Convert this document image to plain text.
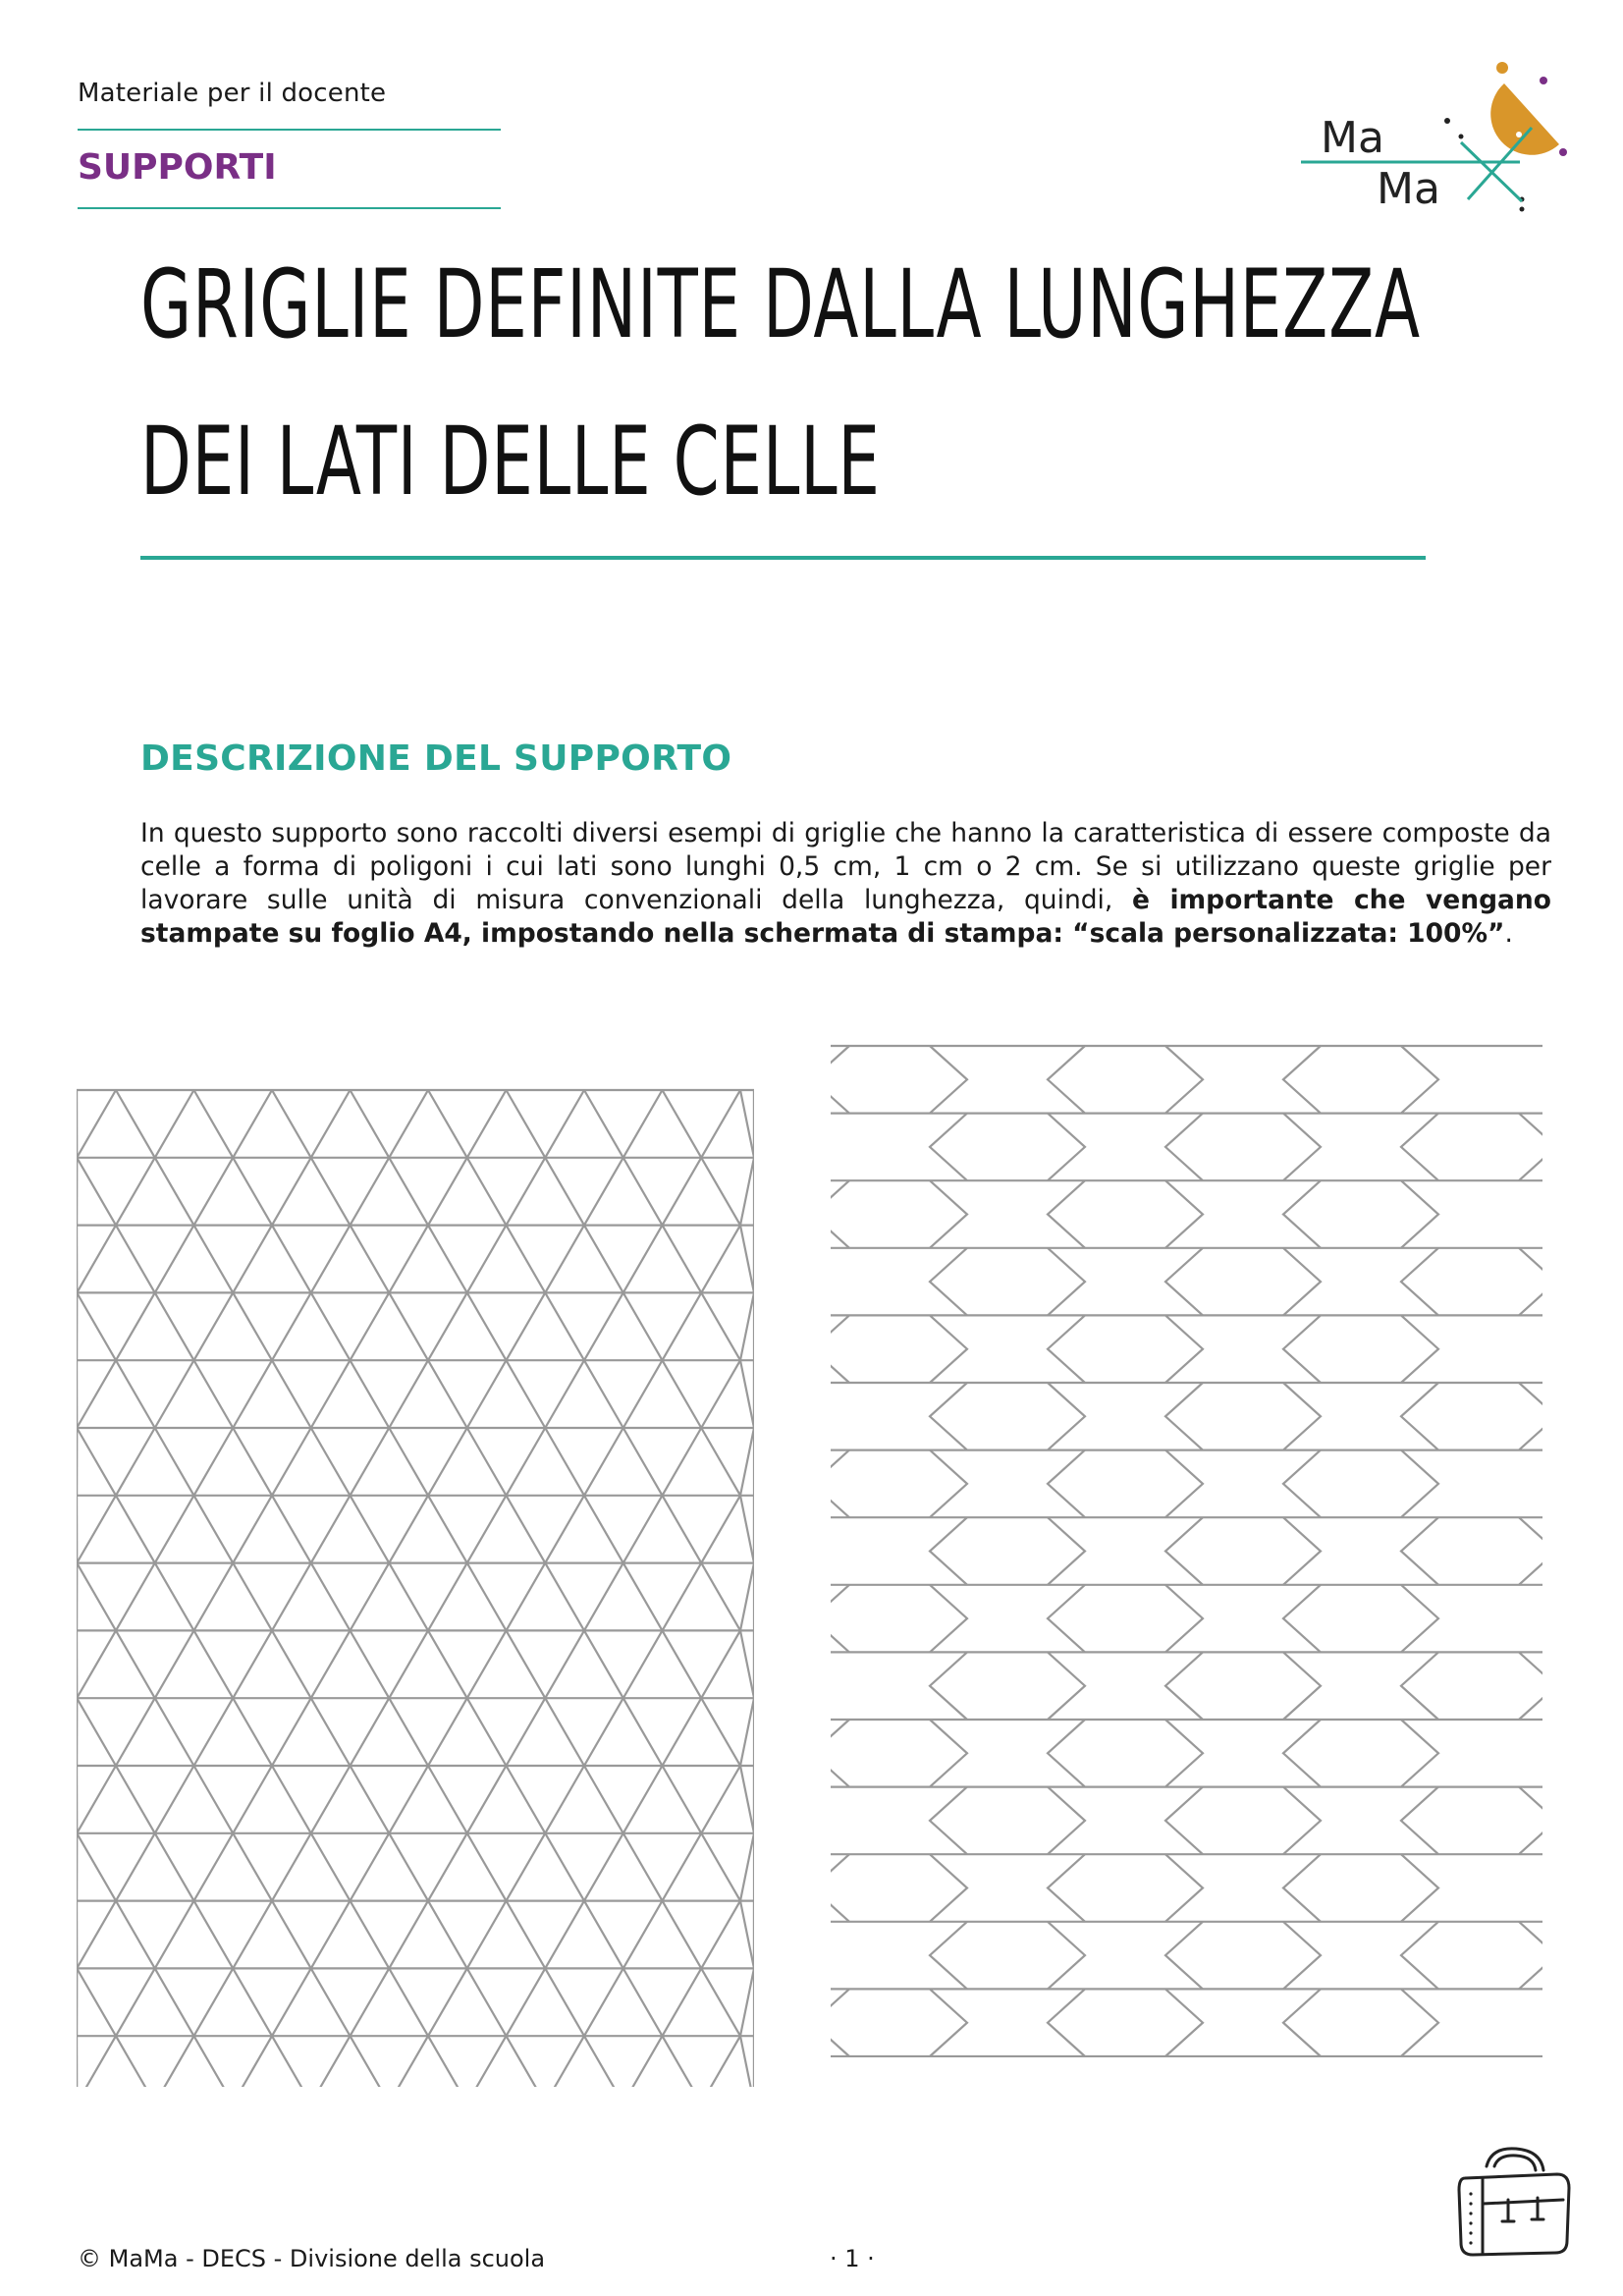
Materiale per il docente
SUPPORTI
Ma
Ma
GRIGLIE DEFINITE DALLA LUNGHEZZA
DEI LATI DELLE CELLE
DESCRIZIONE DEL SUPPORTO
In questo supporto sono raccolti diversi esempi di griglie che hanno la caratteristica di essere composte da celle a forma di poligoni i cui lati sono lunghi 0,5 cm, 1 cm o 2 cm. Se si utilizzano queste griglie per lavorare sulle unità di misura convenzionali della lunghezza, quindi, è importante che vengano stampate su foglio A4, impostando nella schermata di stampa: “scala personalizzata: 100%”.
© MaMa - DECS - Divisione della scuola	· 1 ·
